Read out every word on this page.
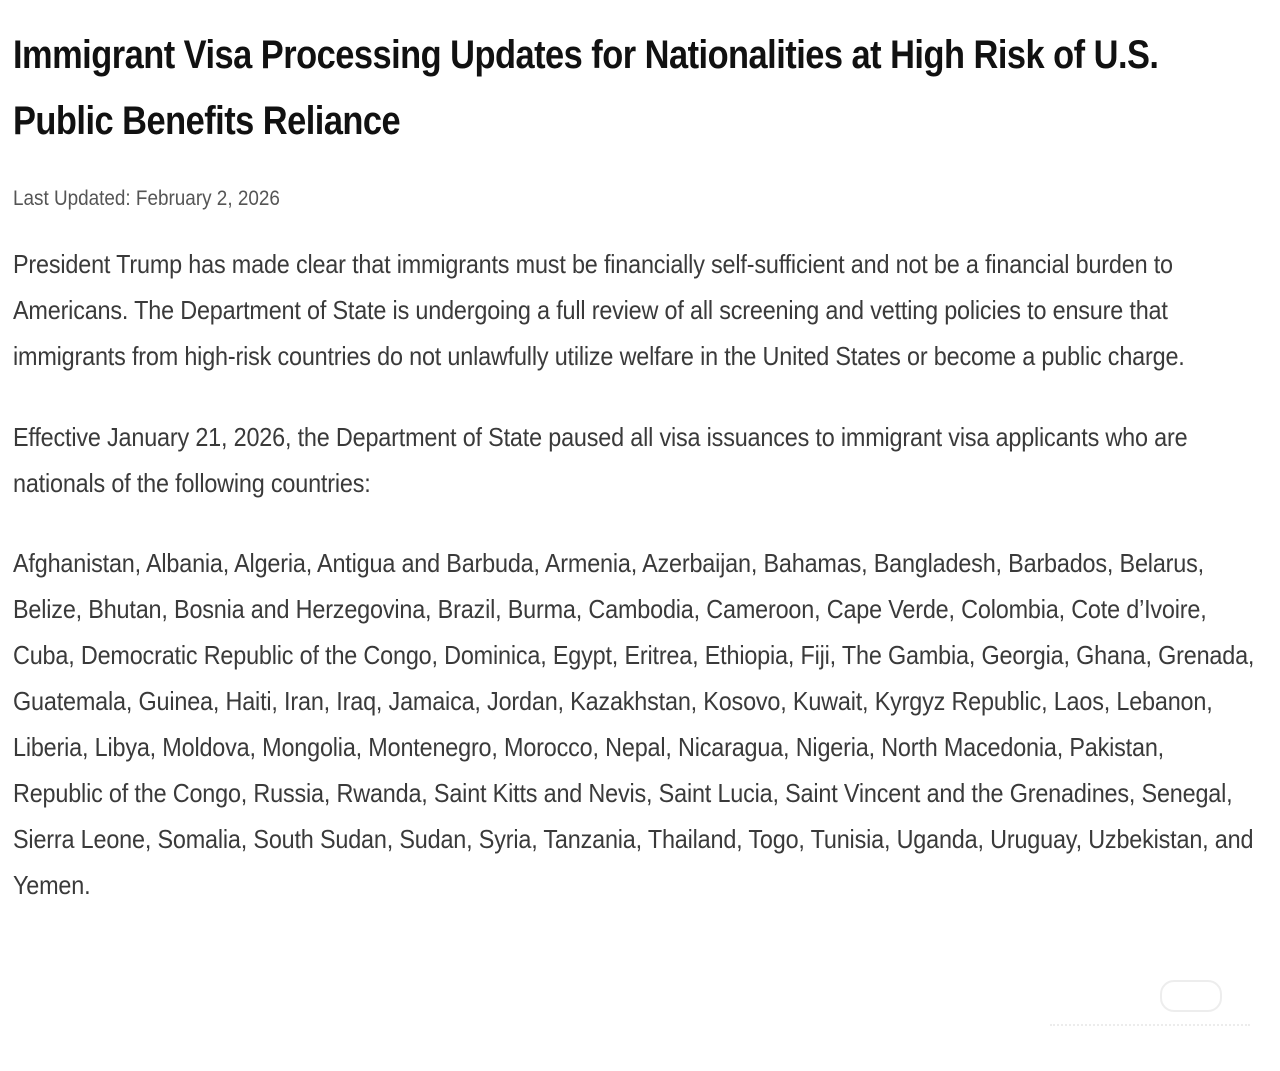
Immigrant Visa Processing Updates for Nationalities at High Risk of U.S. Public Benefits Reliance
Last Updated: February 2, 2026

President Trump has made clear that immigrants must be financially self-sufficient and not be a financial burden to Americans. The Department of State is undergoing a full review of all screening and vetting policies to ensure that immigrants from high-risk countries do not unlawfully utilize welfare in the United States or become a public charge.

Effective January 21, 2026, the Department of State paused all visa issuances to immigrant visa applicants who are nationals of the following countries:

Afghanistan, Albania, Algeria, Antigua and Barbuda, Armenia, Azerbaijan, Bahamas, Bangladesh, Barbados, Belarus, Belize, Bhutan, Bosnia and Herzegovina, Brazil, Burma, Cambodia, Cameroon, Cape Verde, Colombia, Cote d’Ivoire, Cuba, Democratic Republic of the Congo, Dominica, Egypt, Eritrea, Ethiopia, Fiji, The Gambia, Georgia, Ghana, Grenada, Guatemala, Guinea, Haiti, Iran, Iraq, Jamaica, Jordan, Kazakhstan, Kosovo, Kuwait, Kyrgyz Republic, Laos, Lebanon, Liberia, Libya, Moldova, Mongolia, Montenegro, Morocco, Nepal, Nicaragua, Nigeria, North Macedonia, Pakistan, Republic of the Congo, Russia, Rwanda, Saint Kitts and Nevis, Saint Lucia, Saint Vincent and the Grenadines, Senegal, Sierra Leone, Somalia, South Sudan, Sudan, Syria, Tanzania, Thailand, Togo, Tunisia, Uganda, Uruguay, Uzbekistan, and Yemen.
